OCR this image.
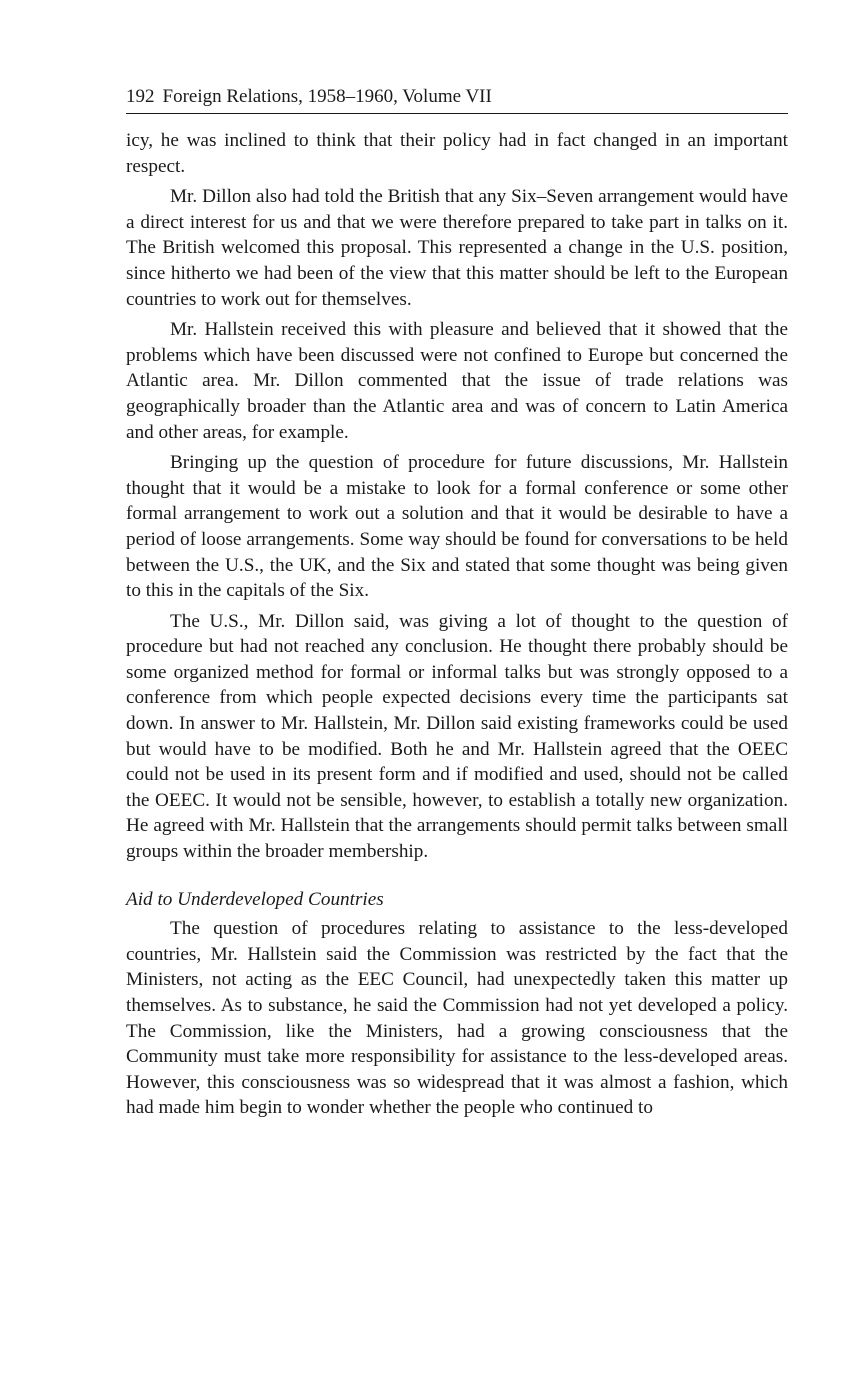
192 Foreign Relations, 1958–1960, Volume VII

icy, he was inclined to think that their policy had in fact changed in an important respect.

Mr. Dillon also had told the British that any Six–Seven arrangement would have a direct interest for us and that we were therefore prepared to take part in talks on it. The British welcomed this proposal. This represented a change in the U.S. position, since hitherto we had been of the view that this matter should be left to the European countries to work out for themselves.

Mr. Hallstein received this with pleasure and believed that it showed that the problems which have been discussed were not confined to Europe but concerned the Atlantic area. Mr. Dillon commented that the issue of trade relations was geographically broader than the Atlantic area and was of concern to Latin America and other areas, for example.

Bringing up the question of procedure for future discussions, Mr. Hallstein thought that it would be a mistake to look for a formal conference or some other formal arrangement to work out a solution and that it would be desirable to have a period of loose arrangements. Some way should be found for conversations to be held between the U.S., the UK, and the Six and stated that some thought was being given to this in the capitals of the Six.

The U.S., Mr. Dillon said, was giving a lot of thought to the question of procedure but had not reached any conclusion. He thought there probably should be some organized method for formal or informal talks but was strongly opposed to a conference from which people expected decisions every time the participants sat down. In answer to Mr. Hallstein, Mr. Dillon said existing frameworks could be used but would have to be modified. Both he and Mr. Hallstein agreed that the OEEC could not be used in its present form and if modified and used, should not be called the OEEC. It would not be sensible, however, to establish a totally new organization. He agreed with Mr. Hallstein that the arrangements should permit talks between small groups within the broader membership.

Aid to Underdeveloped Countries

The question of procedures relating to assistance to the less-developed countries, Mr. Hallstein said the Commission was restricted by the fact that the Ministers, not acting as the EEC Council, had unexpectedly taken this matter up themselves. As to substance, he said the Commission had not yet developed a policy. The Commission, like the Ministers, had a growing consciousness that the Community must take more responsibility for assistance to the less-developed areas. However, this consciousness was so widespread that it was almost a fashion, which had made him begin to wonder whether the people who continued to
